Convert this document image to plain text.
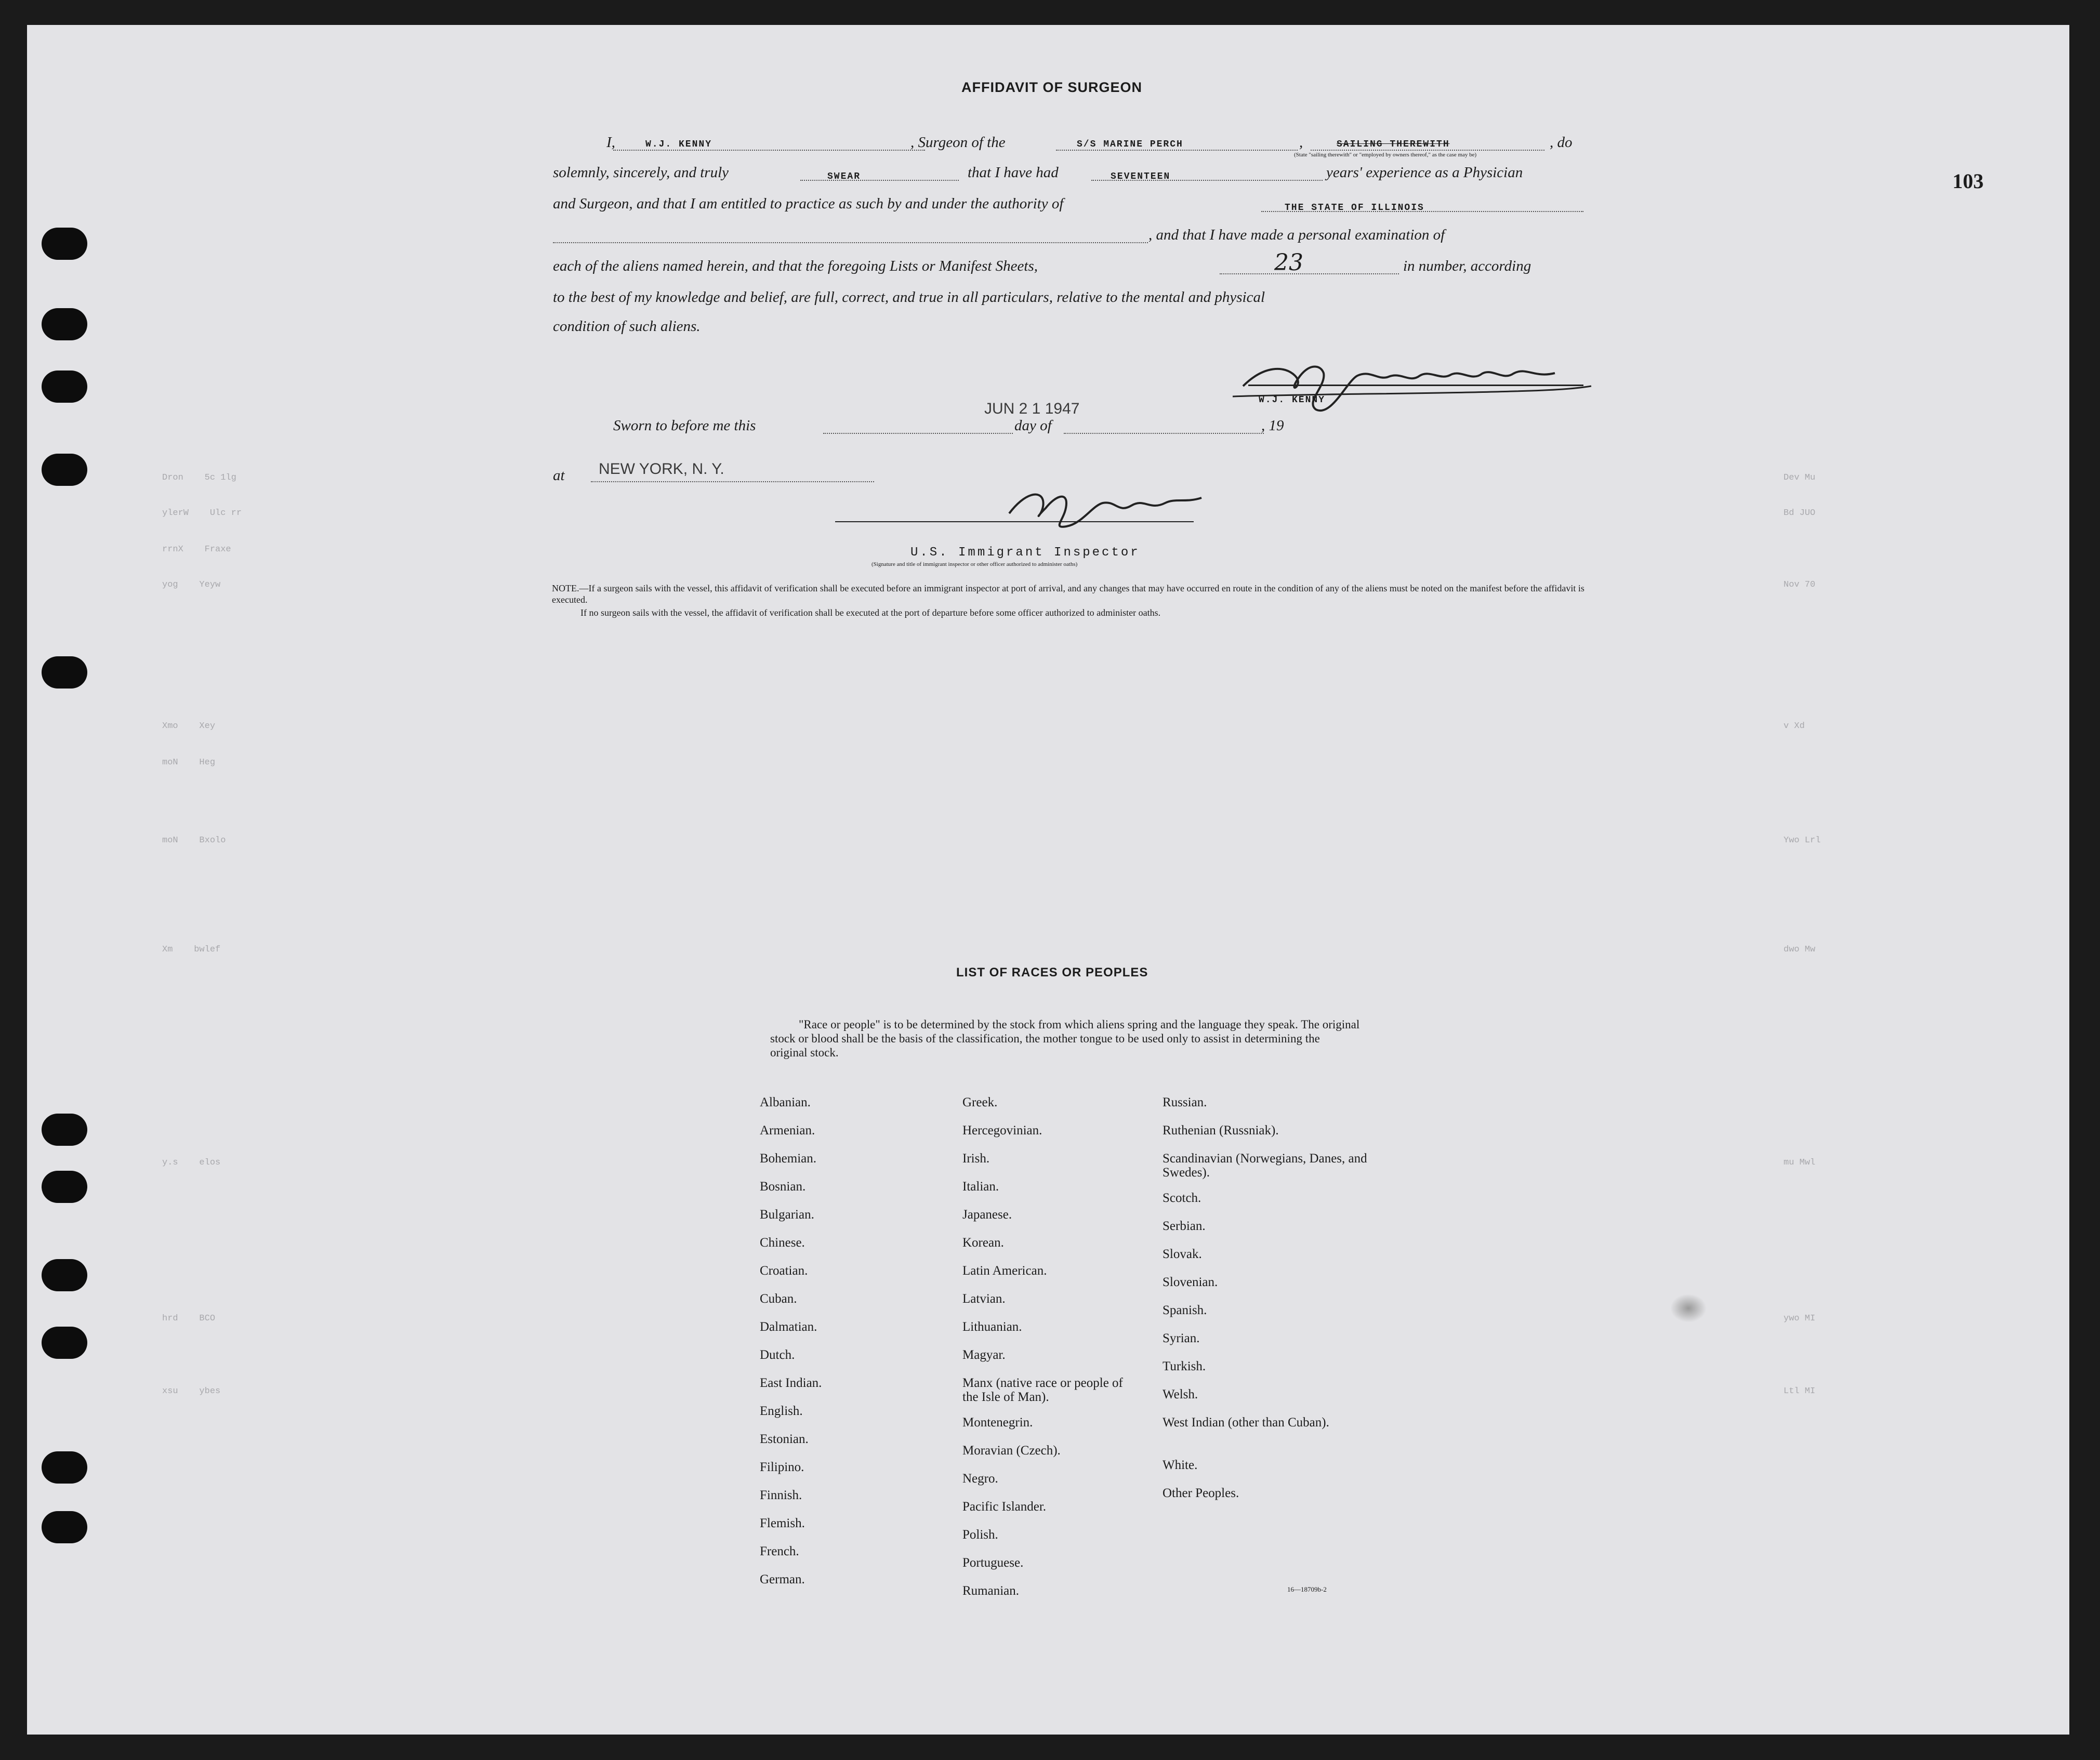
Dron    5c 1lg

ylerW    Ulc rr
rrnX    Fraxe
yog    Yeyw
Xmo    Xey
moN    Heg
moN    Bxolo
Xm    bwlef
y.s    elos
hrd    BCO
xsu    ybes
Dev Mu
Bd JUO
Nov 70
v Xd
Ywo Lrl
dwo Mw
mu Mwl
ywo MI
Ltl MI
103
AFFIDAVIT OF SURGEON
I,	W.J. KENNY	, Surgeon of the	S/S MARINE PERCH	,	SAILING THEREWITH
(State "sailing therewith" or "employed by owners thereof," as the case may be)
, do
solemnly, sincerely, and truly	SWEAR	that I have had	SEVENTEEN	years' experience as a Physician
and Surgeon, and that I am entitled to practice as such by and under the authority of	THE STATE OF ILLINOIS
, and that I have made a personal examination of
each of the aliens named herein, and that the foregoing Lists or Manifest Sheets,	23	in number, according
to the best of my knowledge and belief, are full, correct, and true in all particulars, relative to the mental and physical
condition of such aliens.
W.J. KENNY
Sworn to before me this
JUN 2 1 1947
day of	, 19
at NEW YORK, N. Y.
U.S. Immigrant Inspector
(Signature and title of immigrant inspector or other officer authorized to administer oaths)
NOTE.—If a surgeon sails with the vessel, this affidavit of verification shall be executed before an immigrant inspector at port of arrival, and any changes that may have occurred en route in the condition of any of the aliens must be noted on the manifest before the affidavit is executed.
If no surgeon sails with the vessel, the affidavit of verification shall be executed at the port of departure before some officer authorized to administer oaths.
LIST OF RACES OR PEOPLES
"Race or people" is to be determined by the stock from which aliens spring and the language they speak. The original stock or blood shall be the basis of the classification, the mother tongue to be used only to assist in determining the original stock.
Albanian.
Armenian.
Bohemian.
Bosnian.
Bulgarian.
Chinese.
Croatian.
Cuban.
Dalmatian.
Dutch.
East Indian.
English.
Estonian.
Filipino.
Finnish.
Flemish.
French.
German.
Greek.
Hercegovinian.
Irish.
Italian.
Japanese.
Korean.
Latin American.
Latvian.
Lithuanian.
Magyar.
Manx (native race or people of the Isle of Man).
Montenegrin.
Moravian (Czech).
Negro.
Pacific Islander.
Polish.
Portuguese.
Rumanian.
Russian.
Ruthenian (Russniak).
Scandinavian (Norwegians, Danes, and Swedes).
Scotch.
Serbian.
Slovak.
Slovenian.
Spanish.
Syrian.
Turkish.
Welsh.
West Indian (other than Cuban).
White.
Other Peoples.
16—18709b-2
